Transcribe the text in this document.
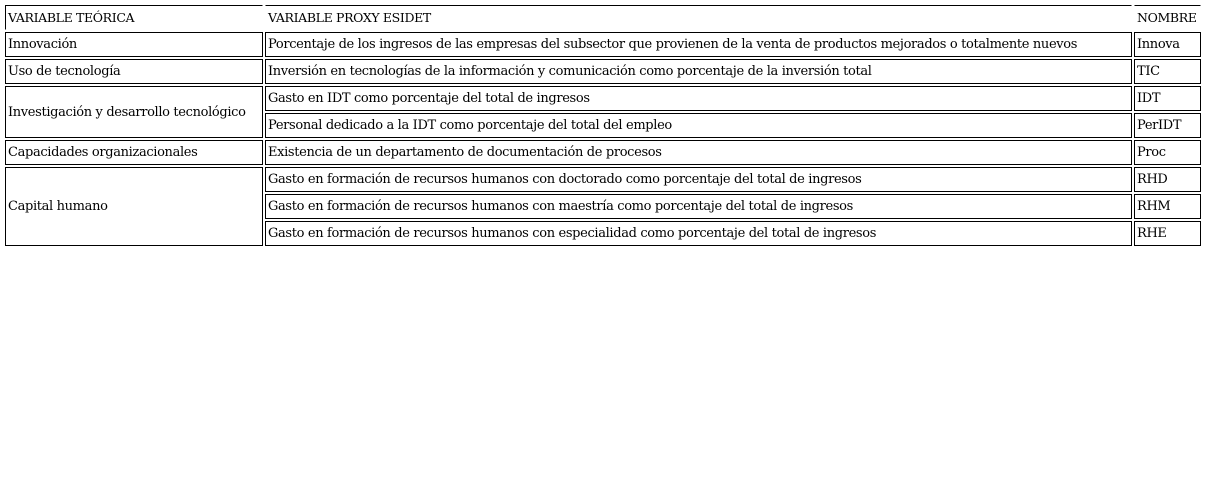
VARIABLE TEÓRICA	VARIABLE PROXY ESIDET	NOMBRE
Innovación	Porcentaje de los ingresos de las empresas del subsector que provienen de la venta de productos mejorados o totalmente nuevos	Innova
Uso de tecnología	Inversión en tecnologías de la información y comunicación como porcentaje de la inversión total	TIC
Investigación y desarrollo tecnológico	Gasto en IDT como porcentaje del total de ingresos	IDT
	Personal dedicado a la IDT como porcentaje del total del empleo	PerIDT
Capacidades organizacionales	Existencia de un departamento de documentación de procesos	Proc
Capital humano	Gasto en formación de recursos humanos con doctorado como porcentaje del total de ingresos	RHD
	Gasto en formación de recursos humanos con maestría como porcentaje del total de ingresos	RHM
	Gasto en formación de recursos humanos con especialidad como porcentaje del total de ingresos	RHE
